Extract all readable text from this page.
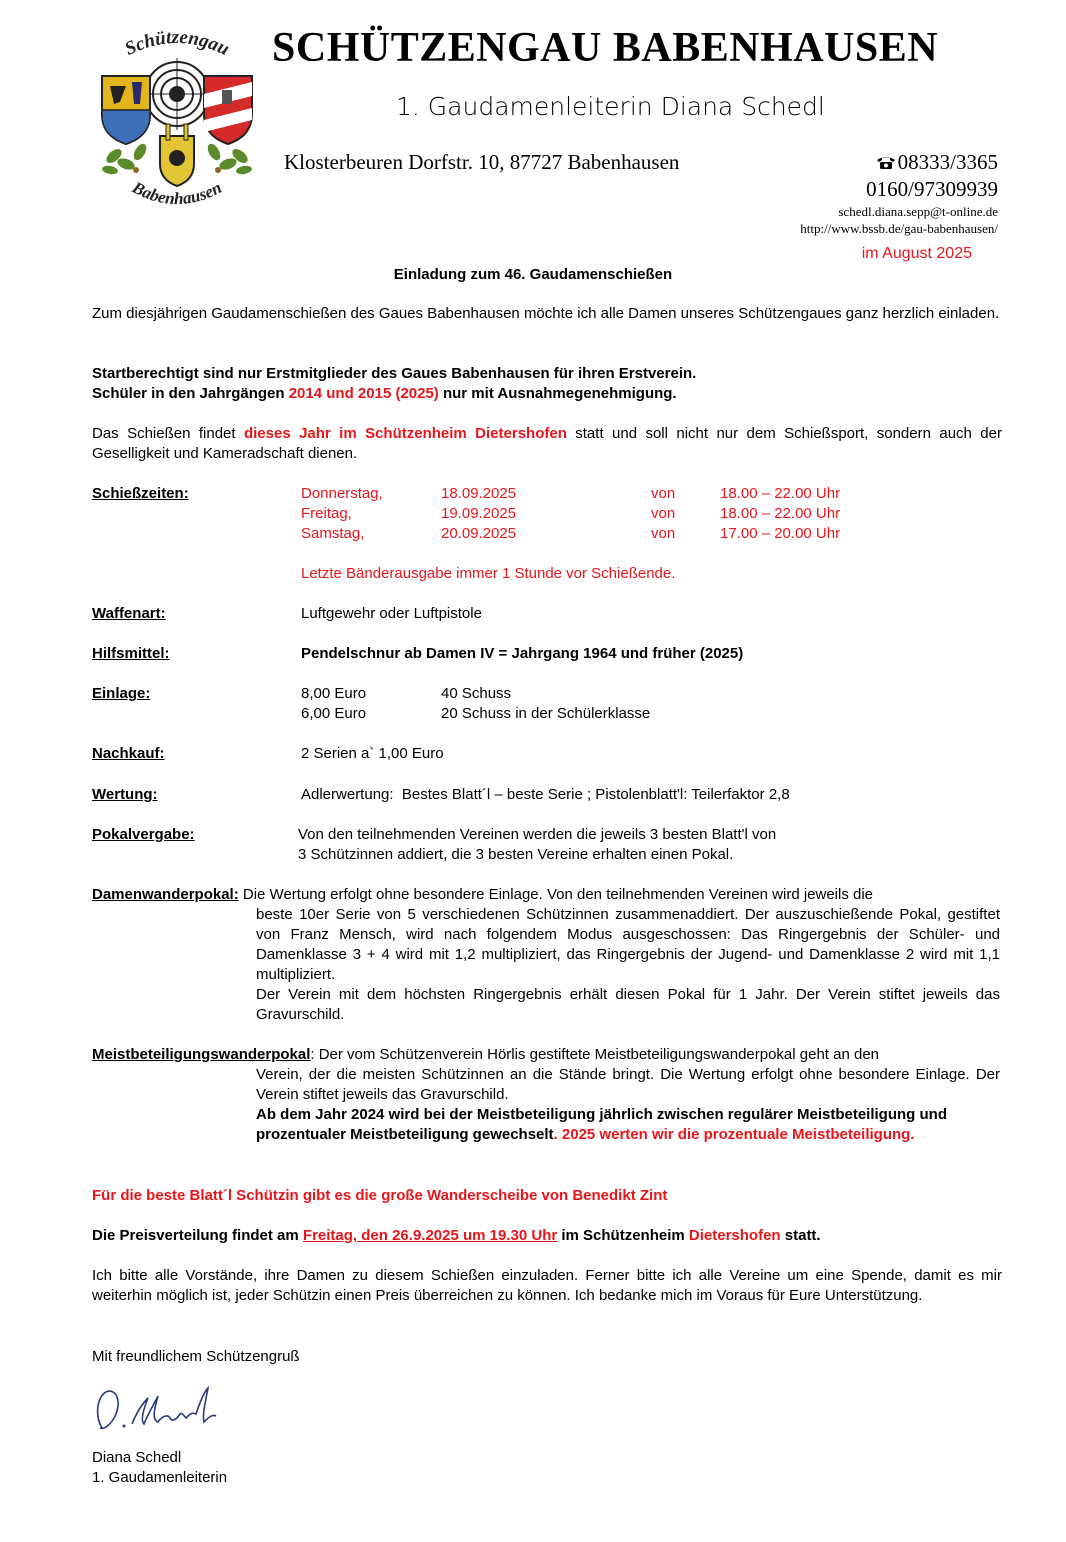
Schützengau
Babenhausen
SCHÜTZENGAU BABENHAUSEN
1. Gaudamenleiterin Diana Schedl
Klosterbeuren Dorfstr. 10, 87727 Babenhausen	08333/3365
0160/97309939
schedl.diana.sepp@t-online.de
http://www.bssb.de/gau-babenhausen/
im August 2025
Einladung zum 46. Gaudamenschießen
Zum diesjährigen Gaudamenschießen des Gaues Babenhausen möchte ich alle Damen unseres Schützengaues ganz herzlich einladen.
Startberechtigt sind nur Erstmitglieder des Gaues Babenhausen für ihren Erstverein.
Schüler in den Jahrgängen 2014 und 2015 (2025) nur mit Ausnahmegenehmigung.
Das Schießen findet dieses Jahr im Schützenheim Dietershofen statt und soll nicht nur dem Schießsport, sondern auch der Geselligkeit und Kameradschaft dienen.
Schießzeiten:	Donnerstag,	18.09.2025	von	18.00 – 22.00 Uhr
Freitag,	19.09.2025	von	18.00 – 22.00 Uhr
Samstag,	20.09.2025	von	17.00 – 20.00 Uhr
Letzte Bänderausgabe immer 1 Stunde vor Schießende.
Waffenart:	Luftgewehr oder Luftpistole
Hilfsmittel:	Pendelschnur ab Damen IV = Jahrgang 1964 und früher (2025)
Einlage:	8,00 Euro	40 Schuss
6,00 Euro	20 Schuss in der Schülerklasse
Nachkauf:	2 Serien a` 1,00 Euro
Wertung:	Adlerwertung:  Bestes Blatt´l – beste Serie ; Pistolenblatt'l: Teilerfaktor 2,8
Pokalvergabe:	Von den teilnehmenden Vereinen werden die jeweils 3 besten Blatt'l von
3 Schützinnen addiert, die 3 besten Vereine erhalten einen Pokal.
Damenwanderpokal: Die Wertung erfolgt ohne besondere Einlage. Von den teilnehmenden Vereinen wird jeweils die
beste 10er Serie von 5 verschiedenen Schützinnen zusammenaddiert. Der auszuschießende Pokal, gestiftet von Franz Mensch, wird nach folgendem Modus ausgeschossen: Das Ringergebnis der Schüler- und Damenklasse 3 + 4 wird mit 1,2 multipliziert, das Ringergebnis der Jugend- und Damenklasse 2 wird mit 1,1 multipliziert.
Der Verein mit dem höchsten Ringergebnis erhält diesen Pokal für 1 Jahr. Der Verein stiftet jeweils das Gravurschild.
Meistbeteiligungswanderpokal: Der vom Schützenverein Hörlis gestiftete Meistbeteiligungswanderpokal geht an den
Verein, der die meisten Schützinnen an die Stände bringt. Die Wertung erfolgt ohne besondere Einlage. Der Verein stiftet jeweils das Gravurschild.
Ab dem Jahr 2024 wird bei der Meistbeteiligung jährlich zwischen regulärer Meistbeteiligung und prozentualer Meistbeteiligung gewechselt. 2025 werten wir die prozentuale Meistbeteiligung.
Für die beste Blatt´l Schützin gibt es die große Wanderscheibe von Benedikt Zint
Die Preisverteilung findet am Freitag, den 26.9.2025 um 19.30 Uhr im Schützenheim Dietershofen statt.
Ich bitte alle Vorstände, ihre Damen zu diesem Schießen einzuladen. Ferner bitte ich alle Vereine um eine Spende, damit es mir weiterhin möglich ist, jeder Schützin einen Preis überreichen zu können. Ich bedanke mich im Voraus für Eure Unterstützung.
Mit freundlichem Schützengruß
Diana Schedl
1. Gaudamenleiterin
